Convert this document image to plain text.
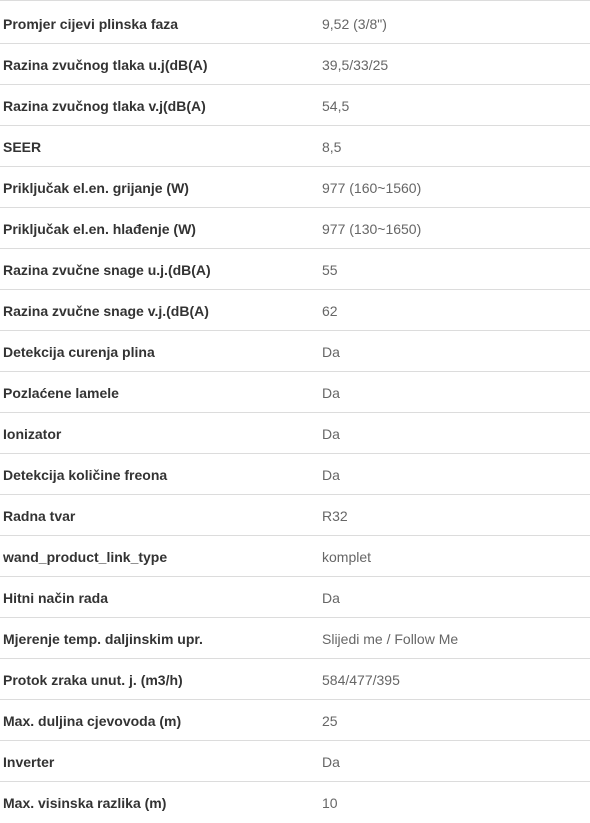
Promjer cijevi plinska faza	9,52 (3/8")
Razina zvučnog tlaka u.j(dB(A)	39,5/33/25
Razina zvučnog tlaka v.j(dB(A)	54,5
SEER	8,5
Priključak el.en. grijanje (W)	977 (160~1560)
Priključak el.en. hlađenje (W)	977 (130~1650)
Razina zvučne snage u.j.(dB(A)	55
Razina zvučne snage v.j.(dB(A)	62
Detekcija curenja plina	Da
Pozlaćene lamele	Da
Ionizator	Da
Detekcija količine freona	Da
Radna tvar	R32
wand_product_link_type	komplet
Hitni način rada	Da
Mjerenje temp. daljinskim upr.	Slijedi me / Follow Me
Protok zraka unut. j. (m3/h)	584/477/395
Max. duljina cjevovoda (m)	25
Inverter	Da
Max. visinska razlika (m)	10
